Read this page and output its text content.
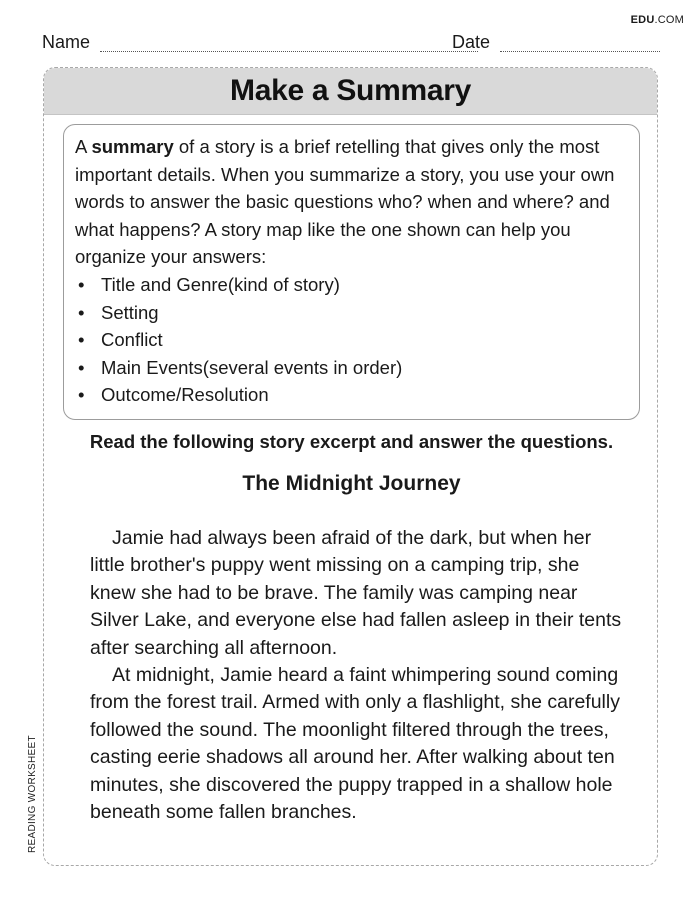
EDU.COM
Name	Date
Make a Summary

A summary of a story is a brief retelling that gives only the most important details. When you summarize a story, you use your own words to answer the basic questions who? when and where? and what happens? A story map like the one shown can help you organize your answers:

• Title and Genre(kind of story)
• Setting
• Conflict
• Main Events(several events in order)
• Outcome/Resolution
Read the following story excerpt and answer the questions.
The Midnight Journey

Jamie had always been afraid of the dark, but when her little brother's puppy went missing on a camping trip, she knew she had to be brave. The family was camping near Silver Lake, and everyone else had fallen asleep in their tents after searching all afternoon.

At midnight, Jamie heard a faint whimpering sound coming from the forest trail. Armed with only a flashlight, she carefully followed the sound. The moonlight filtered through the trees, casting eerie shadows all around her. After walking about ten minutes, she discovered the puppy trapped in a shallow hole beneath some fallen branches.

READING WORKSHEET
